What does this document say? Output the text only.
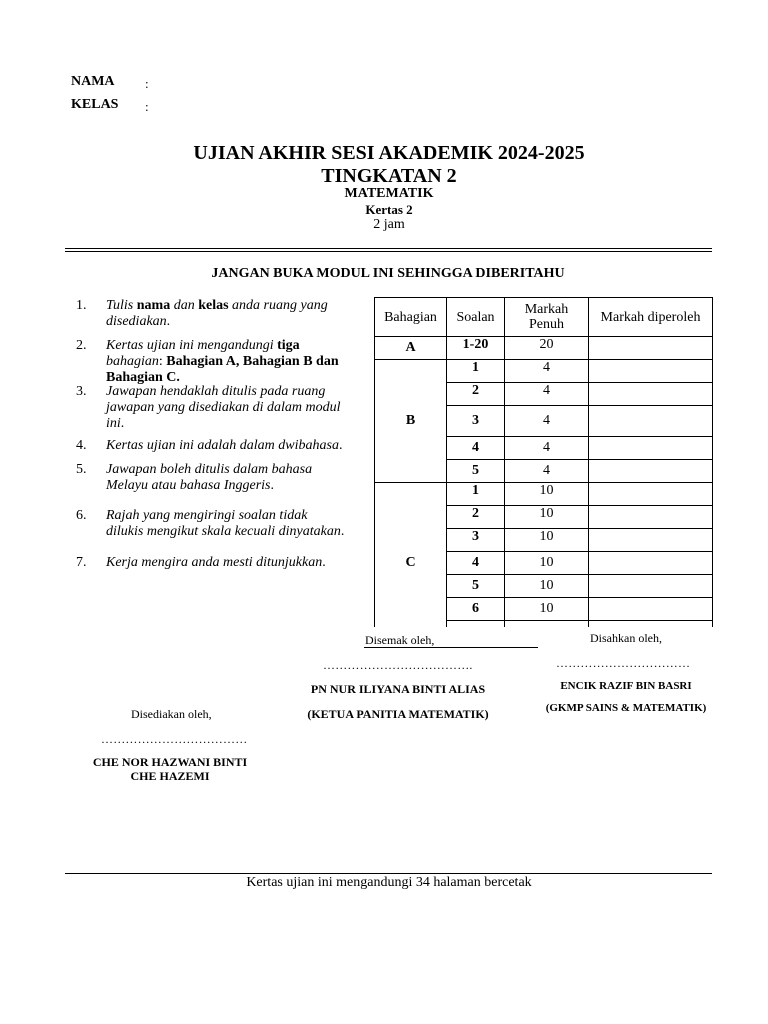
NAMA :
KELAS :
UJIAN AKHIR SESI AKADEMIK 2024-2025
TINGKATAN 2
MATEMATIK
Kertas 2
2 jam
JANGAN BUKA MODUL INI SEHINGGA DIBERITAHU
1. Tulis nama dan kelas anda ruang yang disediakan.
2. Kertas ujian ini mengandungi tiga bahagian: Bahagian A, Bahagian B dan Bahagian C.
3. Jawapan hendaklah ditulis pada ruang jawapan yang disediakan di dalam modul ini.
4. Kertas ujian ini adalah dalam dwibahasa.
5. Jawapan boleh ditulis dalam bahasa Melayu atau bahasa Inggeris.
6. Rajah yang mengiringi soalan tidak dilukis mengikut skala kecuali dinyatakan.
7. Kerja mengira anda mesti ditunjukkan.
Bahagian	Soalan	Markah Penuh	Markah diperoleh
A	1-20	20	
B	1	4	
	2	4	
	3	4	
	4	4	
	5	4	
C	1	10	
	2	10	
	3	10	
	4	10	
	5	10	
	6	10	

Disemak oleh,
……………………………….
PN NUR ILIYANA BINTI ALIAS
(KETUA PANITIA MATEMATIK)
Disahkan oleh,
……………………………
ENCIK RAZIF BIN BASRI
(GKMP SAINS & MATEMATIK)
Disediakan oleh,
………………………………
CHE NOR HAZWANI BINTI
CHE HAZEMI
Kertas ujian ini mengandungi 34 halaman bercetak
